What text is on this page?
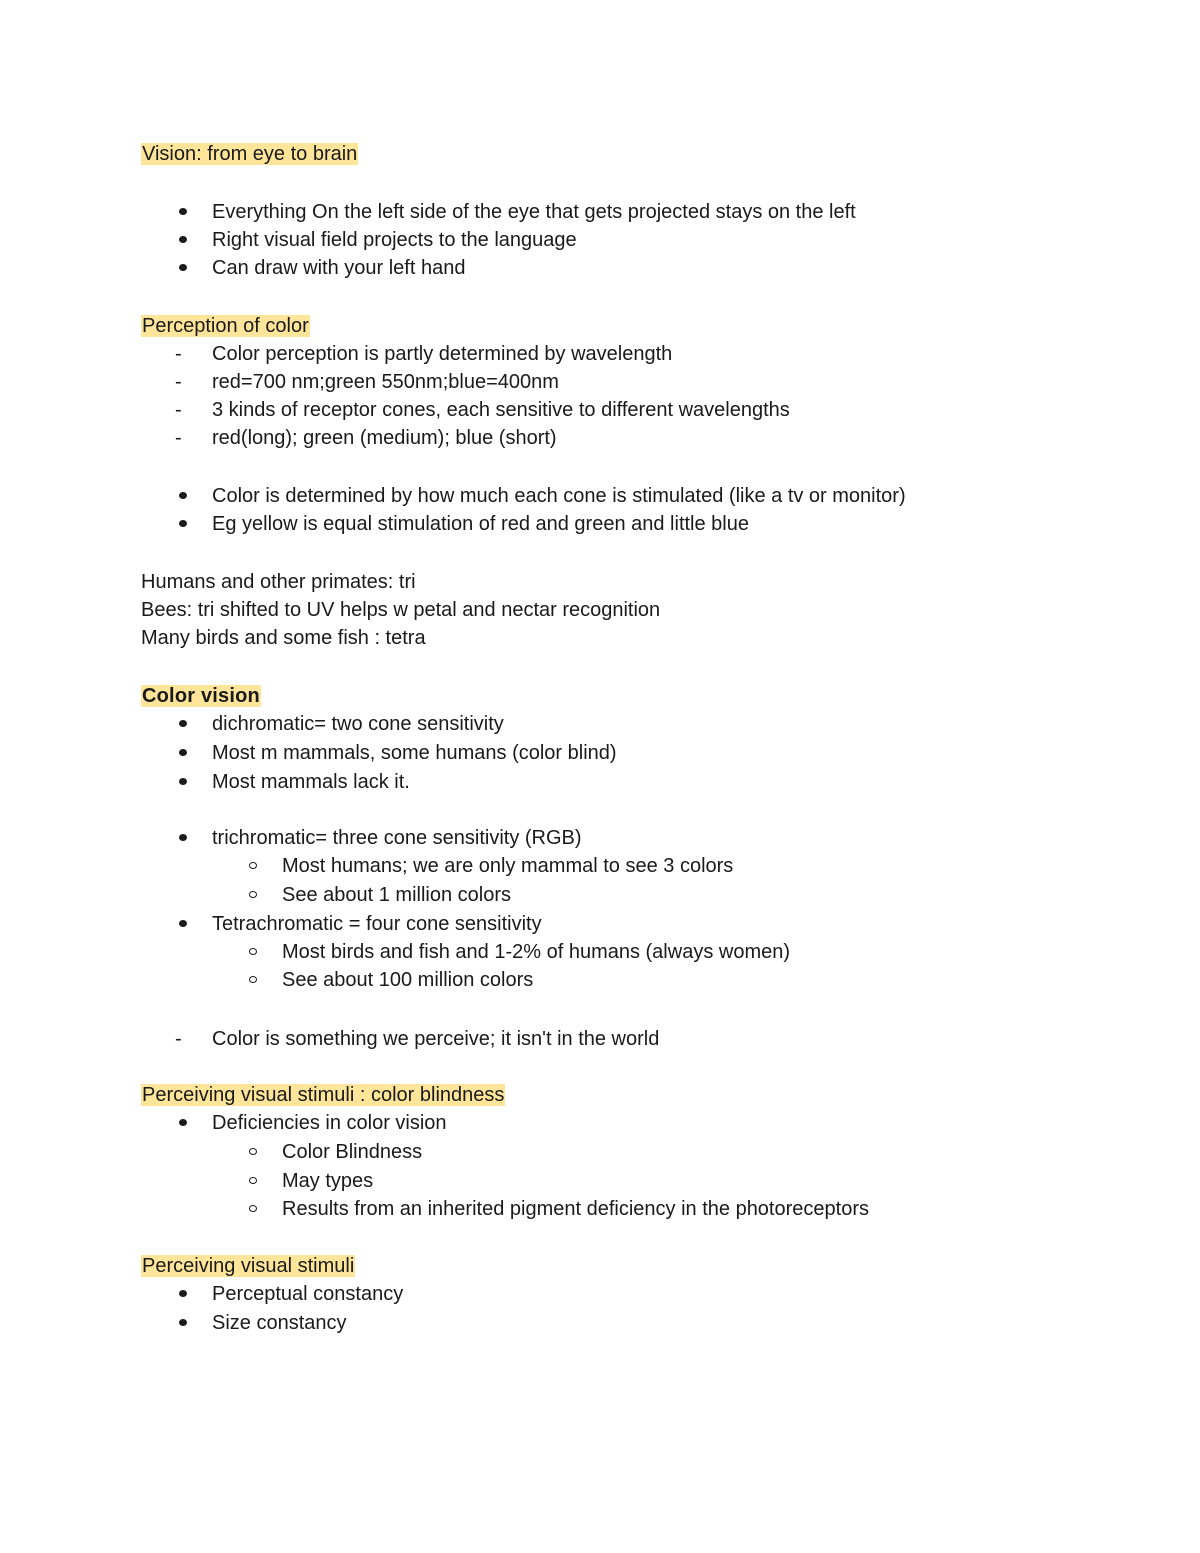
Vision: from eye to brain
Everything On the left side of the eye that gets projected stays on the left
Right visual field projects to the language
Can draw with your left hand
Perception of color
- Color perception is partly determined by wavelength
- red=700 nm;green 550nm;blue=400nm
- 3 kinds of receptor cones, each sensitive to different wavelengths
- red(long); green (medium); blue (short)
Color is determined by how much each cone is stimulated (like a tv or monitor)
Eg yellow is equal stimulation of red and green and little blue
Humans and other primates: tri
Bees: tri shifted to UV helps w petal and nectar recognition
Many birds and some fish : tetra
Color vision
dichromatic= two cone sensitivity
Most m mammals, some humans (color blind)
Most mammals lack it.
trichromatic= three cone sensitivity (RGB)
Most humans; we are only mammal to see 3 colors
See about 1 million colors
Tetrachromatic = four cone sensitivity
Most birds and fish and 1-2% of humans (always women)
See about 100 million colors
- Color is something we perceive; it isn't in the world
Perceiving visual stimuli : color blindness
Deficiencies in color vision
Color Blindness
May types
Results from an inherited pigment deficiency in the photoreceptors
Perceiving visual stimuli
Perceptual constancy
Size constancy
